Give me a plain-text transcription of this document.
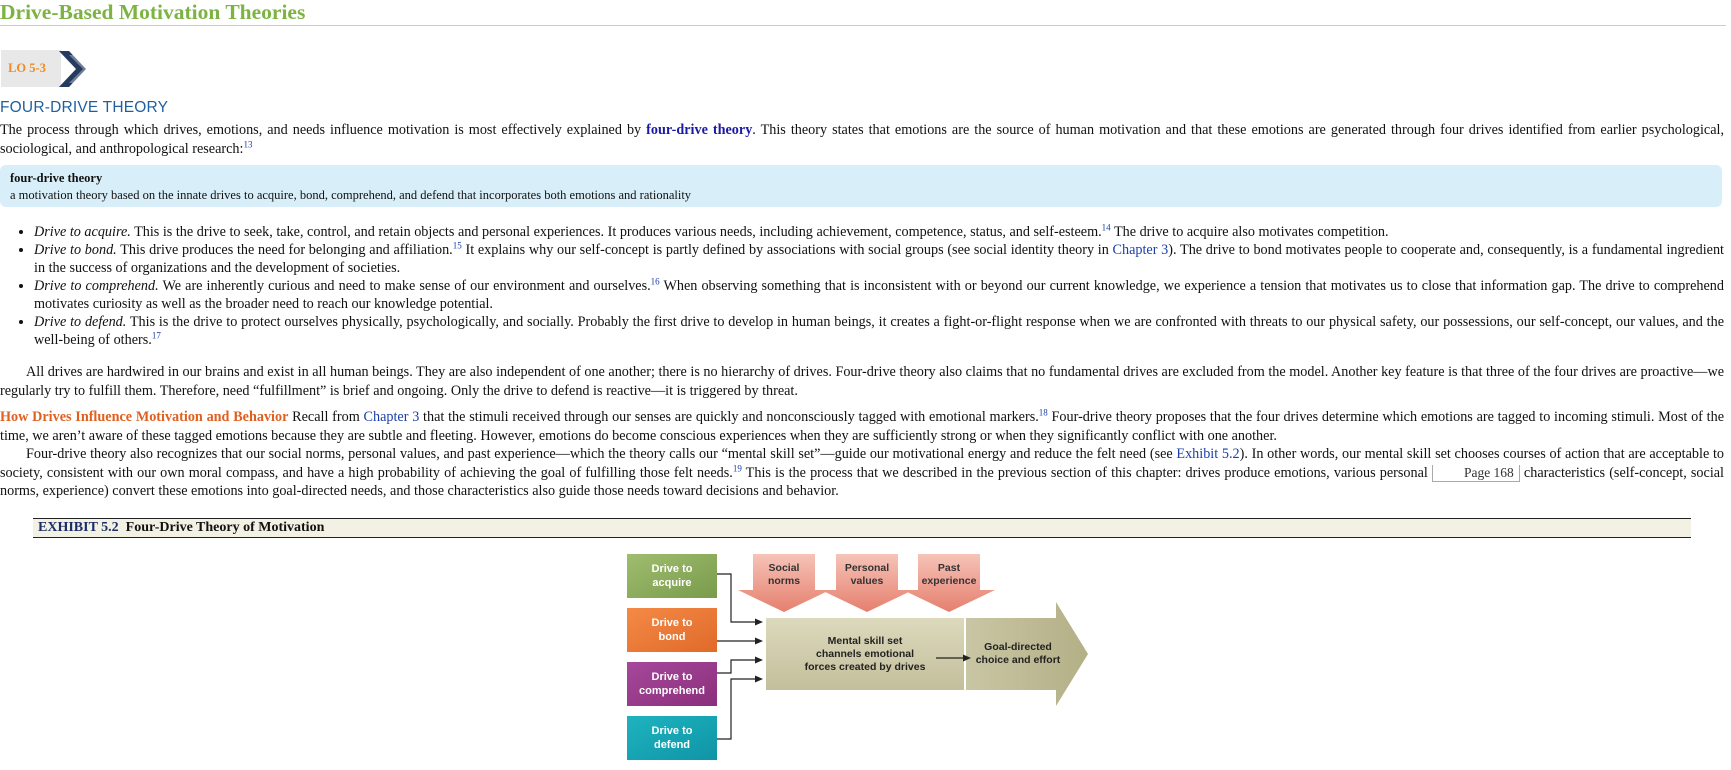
Drive-Based Motivation Theories
LO 5-3
FOUR-DRIVE THEORY

The process through which drives, emotions, and needs influence motivation is most effectively explained by four-drive theory. This theory states that emotions are the source of human motivation and that these emotions are generated through four drives identified from earlier psychological, sociological, and anthropological research:$^{13}$

four-drive theory
a motivation theory based on the innate drives to acquire, bond, comprehend, and defend that incorporates both emotions and rationality
• Drive to acquire. This is the drive to seek, take, control, and retain objects and personal experiences. It produces various needs, including achievement, competence, status, and self-esteem.$^{14}$ The drive to acquire also motivates competition.
• Drive to bond. This drive produces the need for belonging and affiliation.$^{15}$ It explains why our self-concept is partly defined by associations with social groups (see social identity theory in Chapter 3). The drive to bond motivates people to cooperate and, consequently, is a fundamental ingredient in the success of organizations and the development of societies.
• Drive to comprehend. We are inherently curious and need to make sense of our environment and ourselves.$^{16}$ When observing something that is inconsistent with or beyond our current knowledge, we experience a tension that motivates us to close that information gap. The drive to comprehend motivates curiosity as well as the broader need to reach our knowledge potential.
• Drive to defend. This is the drive to protect ourselves physically, psychologically, and socially. Probably the first drive to develop in human beings, it creates a fight-or-flight response when we are confronted with threats to our physical safety, our possessions, our self-concept, our values, and the well-being of others.$^{17}$

All drives are hardwired in our brains and exist in all human beings. They are also independent of one another; there is no hierarchy of drives. Four-drive theory also claims that no fundamental drives are excluded from the model. Another key feature is that three of the four drives are proactive—we regularly try to fulfill them. Therefore, need “fulfillment” is brief and ongoing. Only the drive to defend is reactive—it is triggered by threat.

How Drives Influence Motivation and Behavior Recall from Chapter 3 that the stimuli received through our senses are quickly and nonconsciously tagged with emotional markers.$^{18}$ Four-drive theory proposes that the four drives determine which emotions are tagged to incoming stimuli. Most of the time, we aren’t aware of these tagged emotions because they are subtle and fleeting. However, emotions do become conscious experiences when they are sufficiently strong or when they significantly conflict with one another.

Four-drive theory also recognizes that our social norms, personal values, and past experience—which the theory calls our “mental skill set”—guide our motivational energy and reduce the felt need (see Exhibit 5.2). In other words, our mental skill set chooses courses of action that are acceptable to society, consistent with our own moral compass, and have a high probability of achieving the goal of fulfilling those felt needs.$^{19}$ This is the process that we described in the previous section of this chapter: drives produce emotions, various personal Page 168 characteristics (self-concept, social norms, experience) convert these emotions into goal-directed needs, and those characteristics also guide those needs toward decisions and behavior.

EXHIBIT 5.2 Four-Drive Theory of Motivation
Drive to
acquire
Drive to
bond
Drive to
comprehend
Drive to
defend
Social
norms
Personal
values
Past
experience
Mental skill set
channels emotional
forces created by drives
Goal-directed
choice and effort
